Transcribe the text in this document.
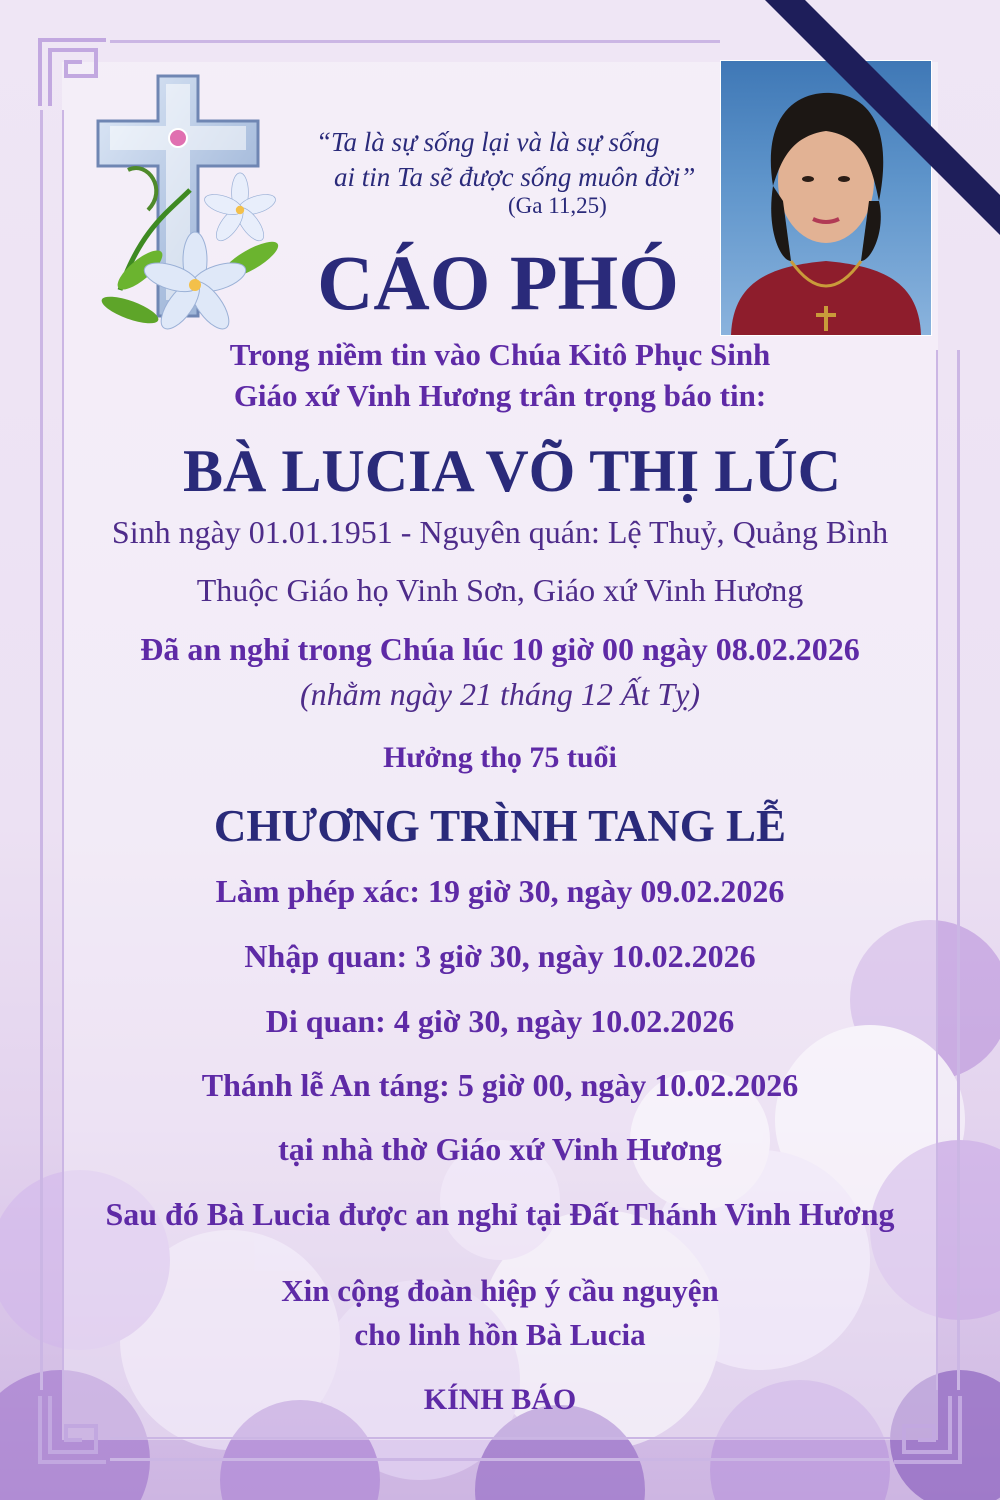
“Ta là sự sống lại và là sự sống

ai tin Ta sẽ được sống muôn đời”

(Ga 11,25)

CÁO PHÓ

Trong niềm tin vào Chúa Kitô Phục Sinh

Giáo xứ Vinh Hương trân trọng báo tin:

BÀ LUCIA VÕ THỊ LÚC

Sinh ngày 01.01.1951 - Nguyên quán: Lệ Thuỷ, Quảng Bình

Thuộc Giáo họ Vinh Sơn, Giáo xứ Vinh Hương

Đã an nghỉ trong Chúa lúc 10 giờ 00 ngày 08.02.2026

(nhằm ngày 21 tháng 12 Ất Tỵ)

Hưởng thọ 75 tuổi

CHƯƠNG TRÌNH TANG LỄ

Làm phép xác: 19 giờ 30, ngày 09.02.2026

Nhập quan: 3 giờ 30, ngày 10.02.2026

Di quan: 4 giờ 30, ngày 10.02.2026

Thánh lễ An táng: 5 giờ 00, ngày 10.02.2026

tại nhà thờ Giáo xứ Vinh Hương

Sau đó Bà Lucia được an nghỉ tại Đất Thánh Vinh Hương

Xin cộng đoàn hiệp ý cầu nguyện

cho linh hồn Bà Lucia

KÍNH BÁO
